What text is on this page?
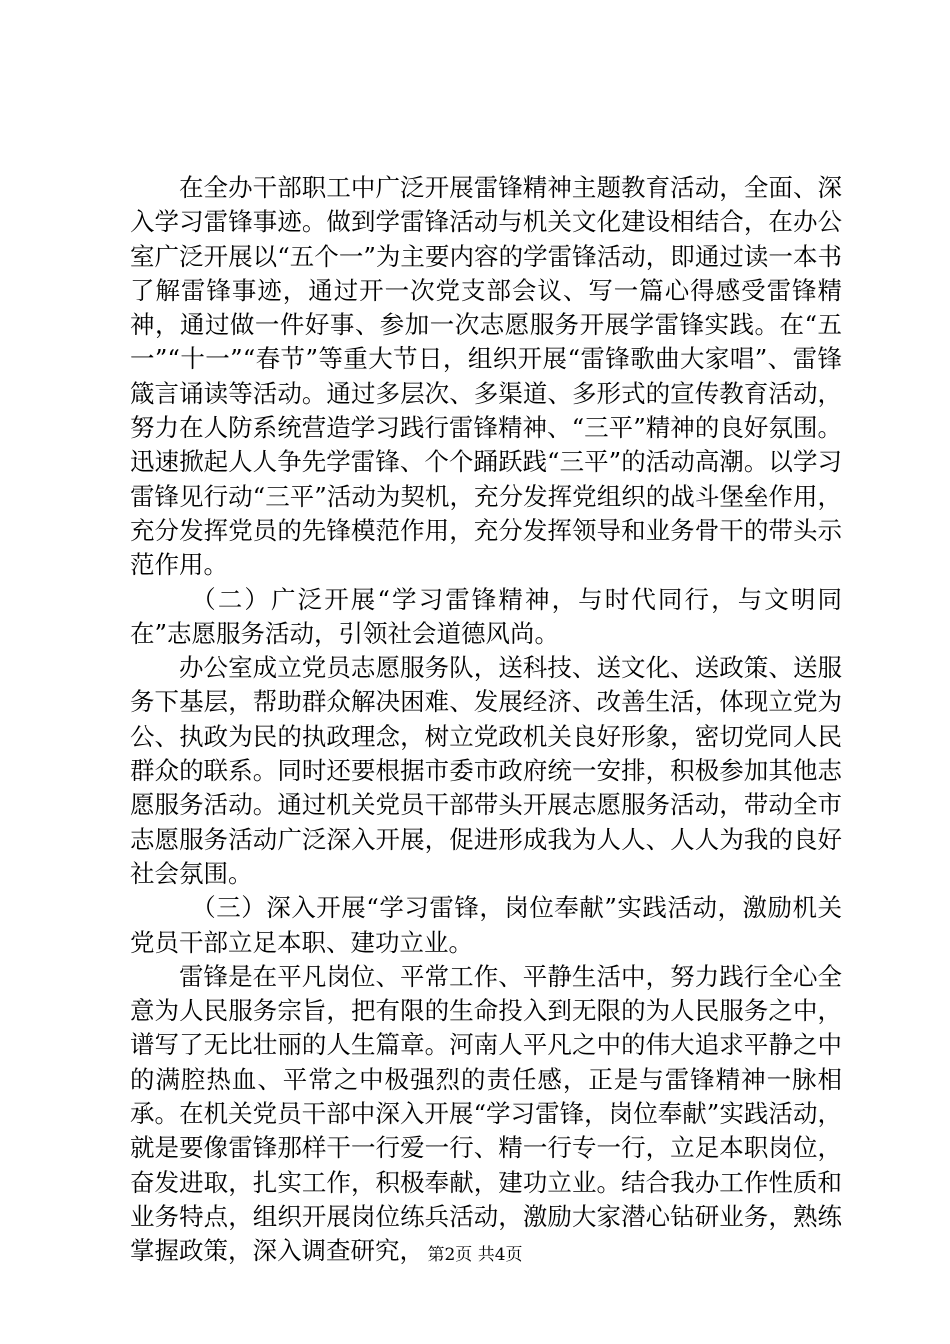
在全办干部职工中广泛开展雷锋精神主题教育活动，全面、深入学习雷锋事迹。做到学雷锋活动与机关文化建设相结合，在办公室广泛开展以“五个一”为主要内容的学雷锋活动，即通过读一本书了解雷锋事迹，通过开一次党支部会议、写一篇心得感受雷锋精神，通过做一件好事、参加一次志愿服务开展学雷锋实践。在“五一”“十一”“春节”等重大节日，组织开展“雷锋歌曲大家唱”、雷锋箴言诵读等活动。通过多层次、多渠道、多形式的宣传教育活动，努力在人防系统营造学习践行雷锋精神、“三平”精神的良好氛围。迅速掀起人人争先学雷锋、个个踊跃践“三平”的活动高潮。以学习雷锋见行动“三平”活动为契机，充分发挥党组织的战斗堡垒作用，充分发挥党员的先锋模范作用，充分发挥领导和业务骨干的带头示范作用。

（二）广泛开展“学习雷锋精神，与时代同行，与文明同在”志愿服务活动，引领社会道德风尚。

办公室成立党员志愿服务队，送科技、送文化、送政策、送服务下基层，帮助群众解决困难、发展经济、改善生活，体现立党为公、执政为民的执政理念，树立党政机关良好形象，密切党同人民群众的联系。同时还要根据市委市政府统一安排，积极参加其他志愿服务活动。通过机关党员干部带头开展志愿服务活动，带动全市志愿服务活动广泛深入开展，促进形成我为人人、人人为我的良好社会氛围。

（三）深入开展“学习雷锋，岗位奉献”实践活动，激励机关党员干部立足本职、建功立业。

雷锋是在平凡岗位、平常工作、平静生活中，努力践行全心全意为人民服务宗旨，把有限的生命投入到无限的为人民服务之中，谱写了无比壮丽的人生篇章。河南人平凡之中的伟大追求平静之中的满腔热血、平常之中极强烈的责任感，正是与雷锋精神一脉相承。在机关党员干部中深入开展“学习雷锋，岗位奉献”实践活动，就是要像雷锋那样干一行爱一行、精一行专一行，立足本职岗位，奋发进取，扎实工作，积极奉献，建功立业。结合我办工作性质和业务特点，组织开展岗位练兵活动，激励大家潜心钻研业务，熟练掌握政策，深入调查研究， 第2页 共4页
